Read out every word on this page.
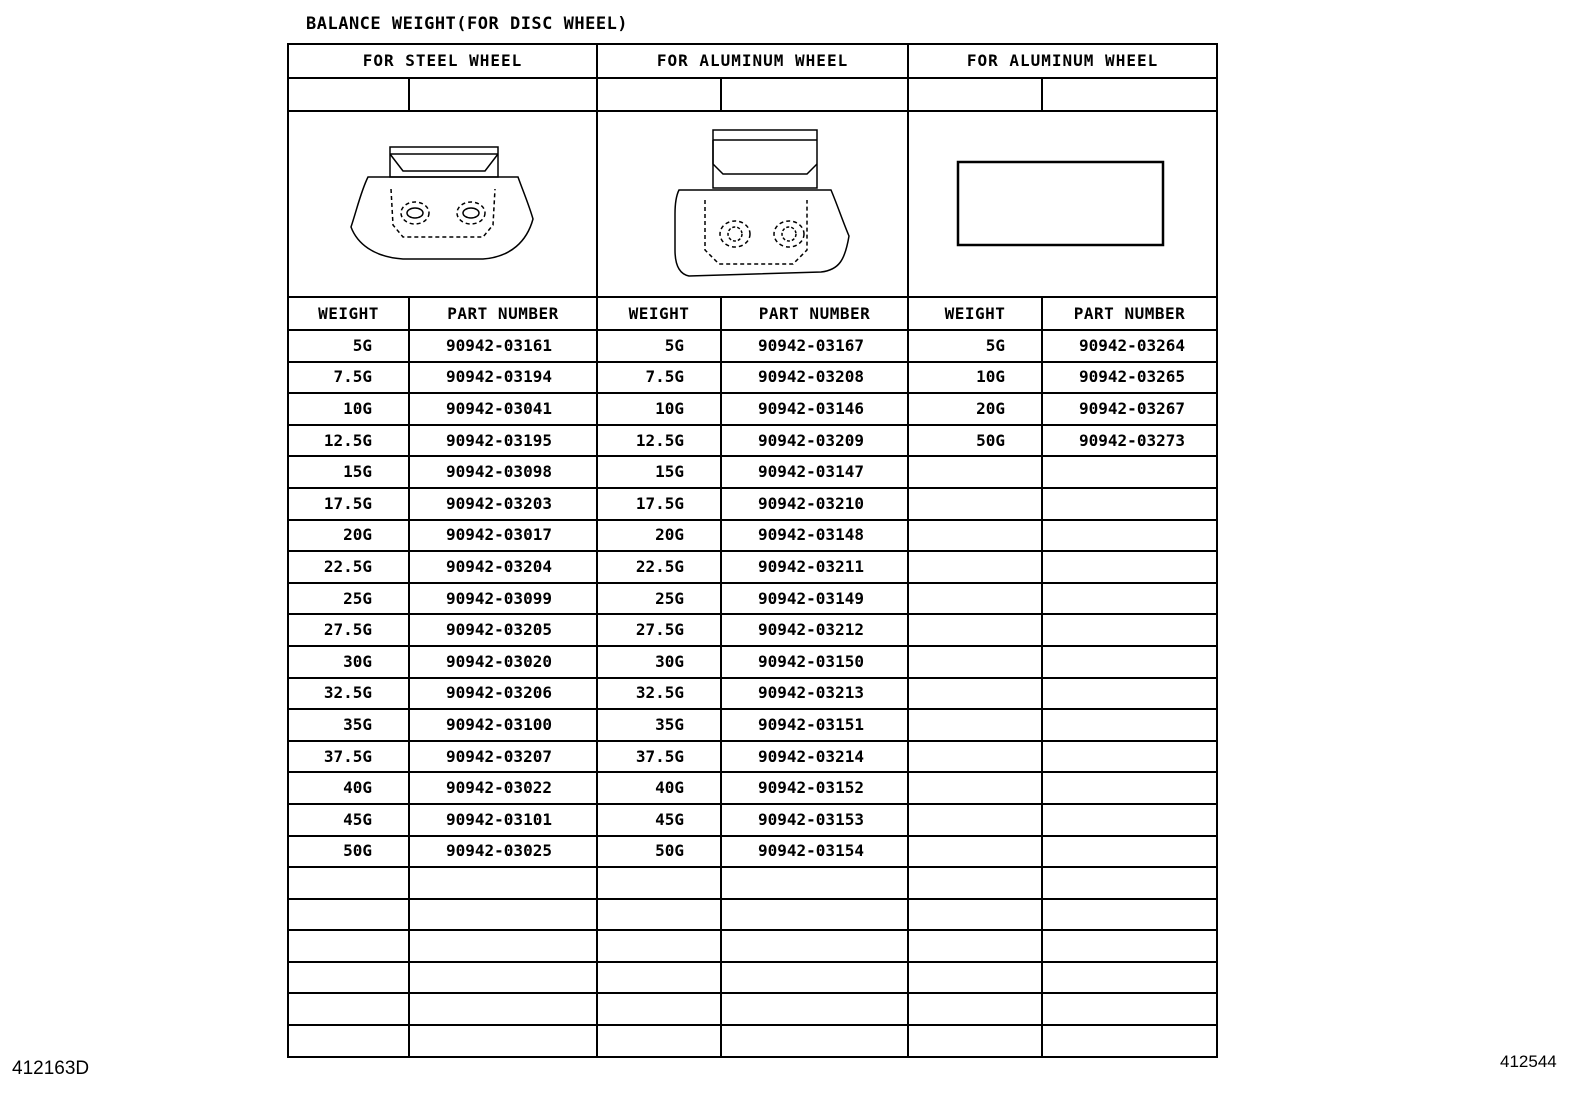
BALANCE WEIGHT(FOR DISC WHEEL)
FOR STEEL WHEEL		FOR ALUMINUM WHEEL		FOR ALUMINUM WHEEL	

WEIGHT	PART NUMBER	WEIGHT	PART NUMBER	WEIGHT	PART NUMBER
5G	90942-03161	5G	90942-03167	5G	90942-03264
7.5G	90942-03194	7.5G	90942-03208	10G	90942-03265
10G	90942-03041	10G	90942-03146	20G	90942-03267
12.5G	90942-03195	12.5G	90942-03209	50G	90942-03273
15G	90942-03098	15G	90942-03147		
17.5G	90942-03203	17.5G	90942-03210		
20G	90942-03017	20G	90942-03148		
22.5G	90942-03204	22.5G	90942-03211		
25G	90942-03099	25G	90942-03149		
27.5G	90942-03205	27.5G	90942-03212		
30G	90942-03020	30G	90942-03150		
32.5G	90942-03206	32.5G	90942-03213		
35G	90942-03100	35G	90942-03151		
37.5G	90942-03207	37.5G	90942-03214		
40G	90942-03022	40G	90942-03152		
45G	90942-03101	45G	90942-03153		
50G	90942-03025	50G	90942-03154		

412163D	412544
